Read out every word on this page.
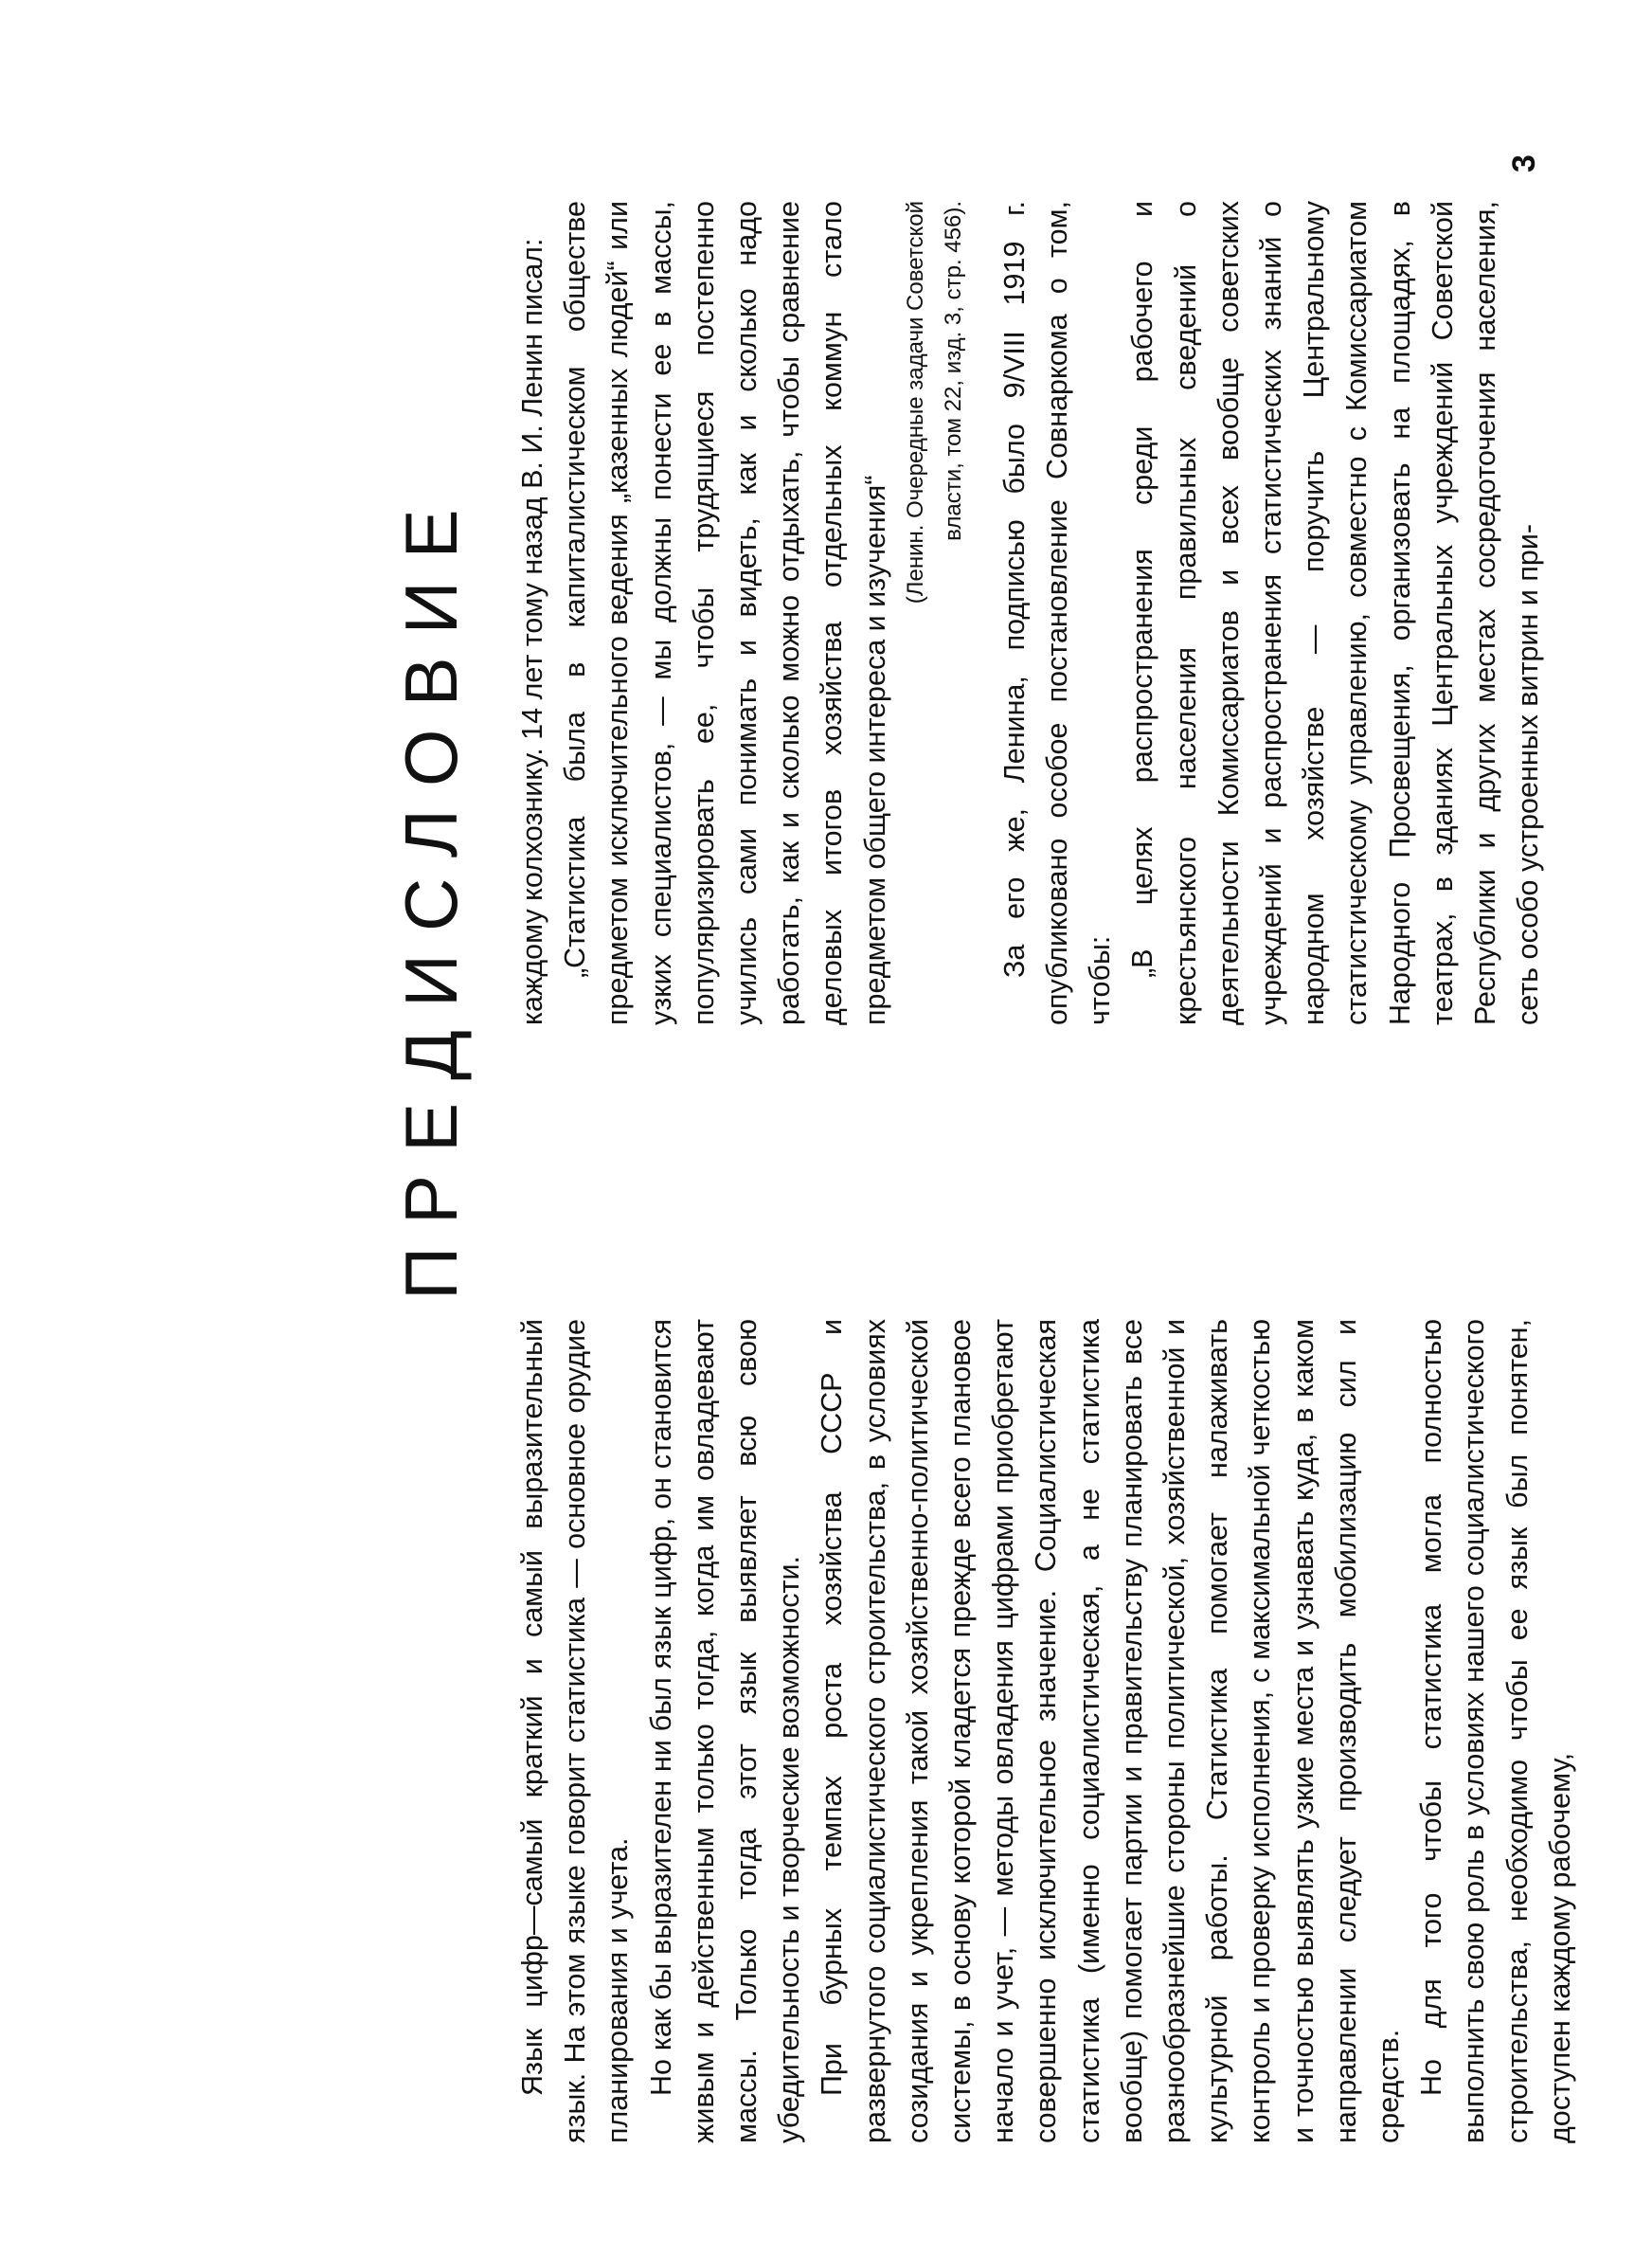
3
ПРЕДИСЛОВИЕ

Язык цифр—самый краткий и самый выразительный язык. На этом языке говорит статистика — основное орудие планирования и учета. Но как бы выразителен ни был язык цифр, он становится живым и действенным только тогда, когда им овладевают массы. Только тогда этот язык выявляет всю свою убедительность и творческие возможности. При бурных темпах роста хозяйства СССР и развернутого социалистического строительства, в условиях созидания и укрепления такой хозяйственно-политической системы, в основу которой кладется прежде всего плановое начало и учет, — методы овладения цифрами приобретают совершенно исключительное значение. Социалистическая статистика (именно социалистическая, а не статистика вообще) помогает партии и правительству планировать все разнообразнейшие стороны политической, хозяйственной и культурной работы. Статистика помогает налаживать контроль и проверку исполнения, с максимальной четкостью и точностью выявлять узкие места и узнавать куда, в каком направлении следует производить мобилизацию сил и средств. Но для того чтобы статистика могла полностью выполнить свою роль в условиях нашего социалистического строительства, необходимо чтобы ее язык был понятен, доступен каждому рабочему,

каждому колхознику. 14 лет тому назад В. И. Ленин писал: „Статистика была в капиталистическом обществе предметом исключительного ведения „казенных людей“ или узких специалистов, — мы должны понести ее в массы, популяризировать ее, чтобы трудящиеся постепенно учились сами понимать и видеть, как и сколько надо работать, как и сколько можно отдыхать, чтобы сравнение деловых итогов хозяйства отдельных коммун стало предметом общего интереса и изучения“

(Ленин. Очередные задачи Советской власти, том 22, изд. 3, стр. 456). За его же, Ленина, подписью было 9/VIII 1919 г. опубликовано особое постановление Совнаркома о том, чтобы:

„В целях распространения среди рабочего и крестьянского населения правильных сведений о деятельности Комиссариатов и всех вообще советских учреждений и распространения статистических знаний о народном хозяйстве — поручить Центральному статистическому управлению, совместно с Комиссариатом Народного Просвещения, организовать на площадях, в театрах, в зданиях Центральных учреждений Советской Республики и других местах сосредоточения населения, сеть особо устроенных витрин и при-
